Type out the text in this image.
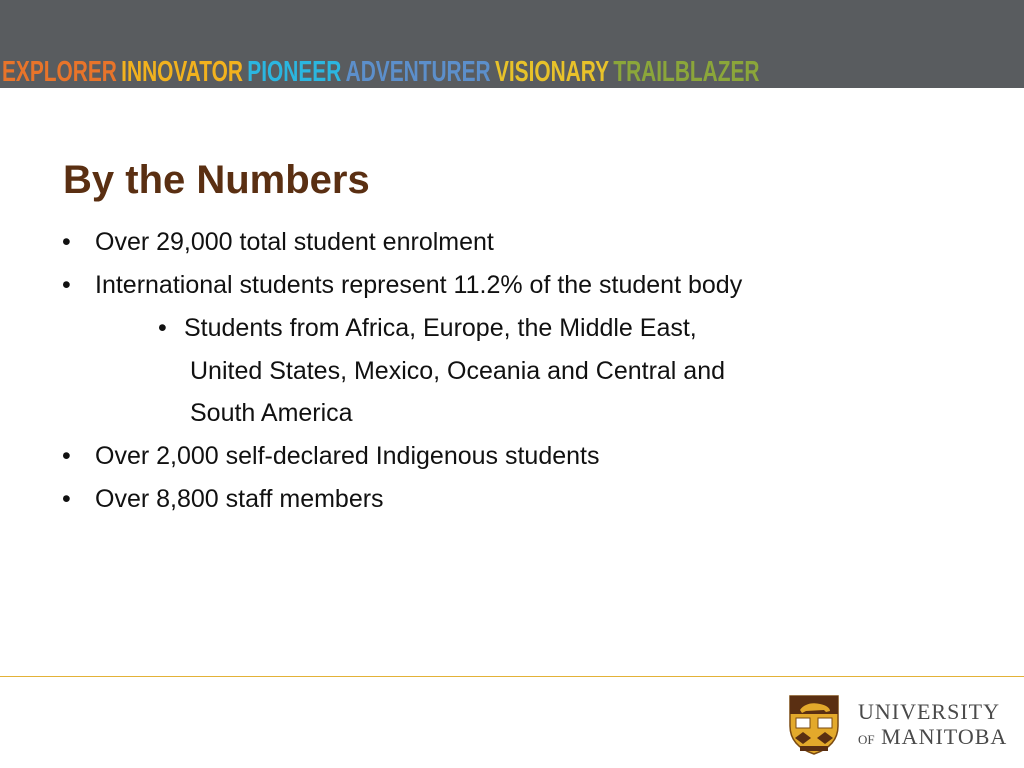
EXPLORER INNOVATOR PIONEER ADVENTURER VISIONARY TRAILBLAZER
By the Numbers
• Over 29,000 total student enrolment
• International students represent 11.2% of the student body
• Students from Africa, Europe, the Middle East,
United States, Mexico, Oceania and Central and
South America
• Over 2,000 self-declared Indigenous students
• Over 8,800 staff members
UNIVERSITY
OF MANITOBA
